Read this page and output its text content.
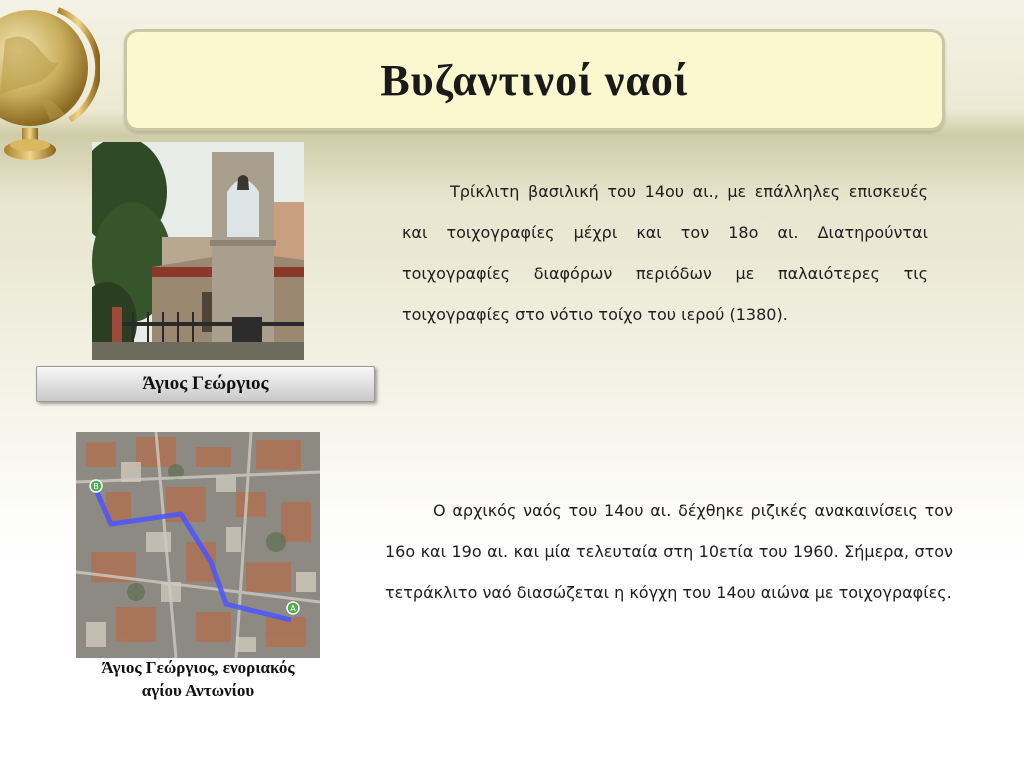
Βυζαντινοί ναοί
Άγιος Γεώργιος
B
A
Άγιος Γεώργιος, ενοριακός
αγίου Αντωνίου

Τρίκλιτη βασιλική του 14ου αι., με επάλληλες επισκευές και τοιχογραφίες μέχρι και τον 18ο αι. Διατηρούνται τοιχογραφίες διαφόρων περιόδων με παλαιότερες τις τοιχογραφίες στο νότιο τοίχο του ιερού (1380).

Ο αρχικός ναός του 14ου αι. δέχθηκε ριζικές ανακαινίσεις τον 16ο και 19ο αι. και μία τελευταία στη 10ετία του 1960. Σήμερα, στον τετράκλιτο ναό διασώζεται η κόγχη του 14ου αιώνα με τοιχογραφίες.
